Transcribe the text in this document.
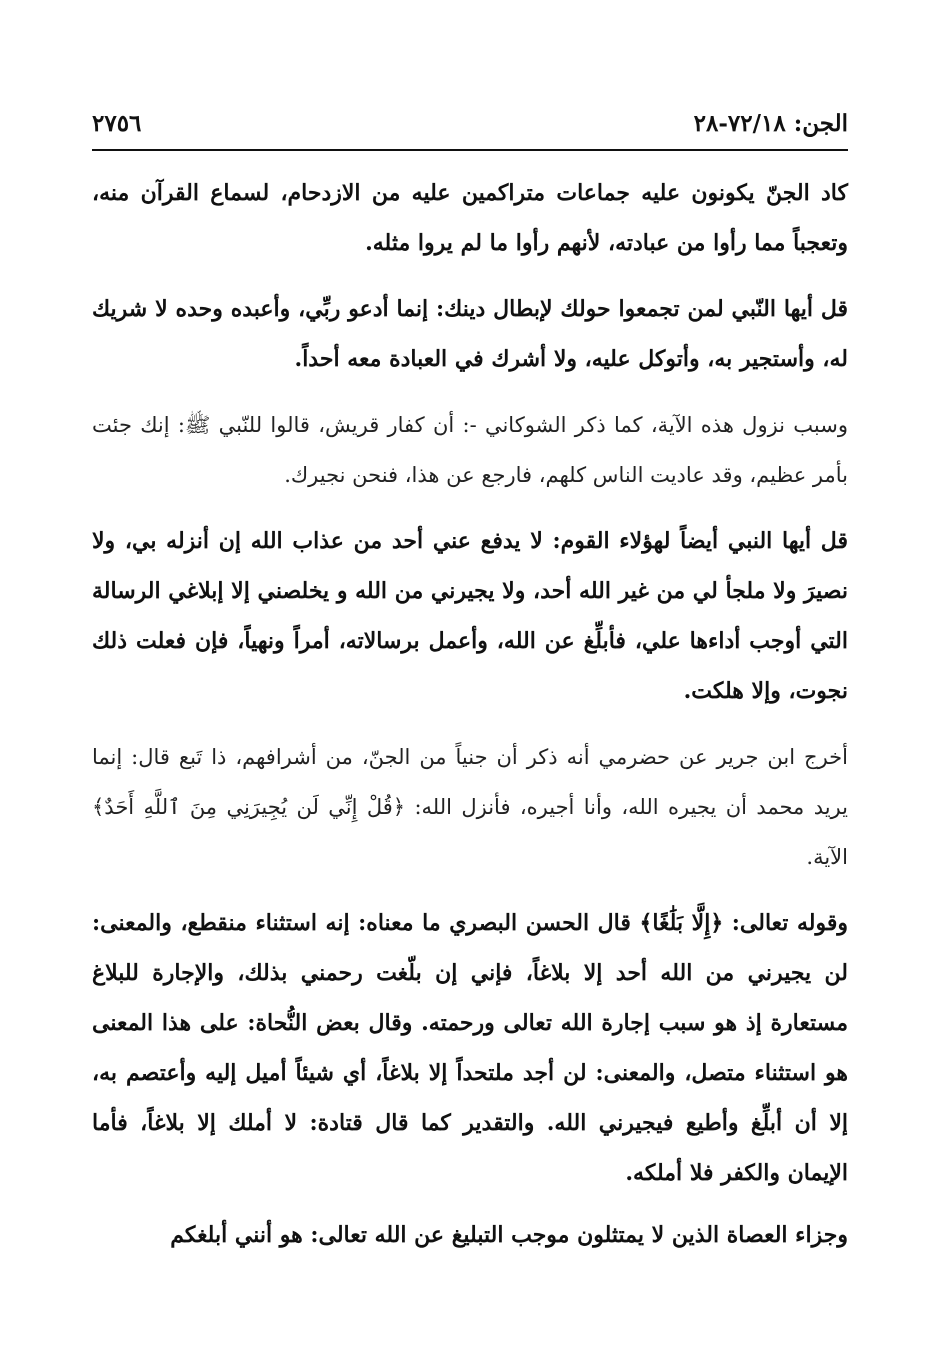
الجن: ٧٢/١٨-٢٨
٢٧٥٦

كاد الجنّ يكونون عليه جماعات متراكمين عليه من الازدحام، لسماع القرآن منه، وتعجباً مما رأوا من عبادته، لأنهم رأوا ما لم يروا مثله.

قل أيها النّبي لمن تجمعوا حولك لإبطال دينك: إنما أدعو ربِّي، وأعبده وحده لا شريك له، وأستجير به، وأتوكل عليه، ولا أشرك في العبادة معه أحداً.

وسبب نزول هذه الآية، كما ذكر الشوكاني -: أن كفار قريش، قالوا للنّبي ﷺ: إنك جئت بأمر عظيم، وقد عاديت الناس كلهم، فارجع عن هذا، فنحن نجيرك.

قل أيها النبي أيضاً لهؤلاء القوم: لا يدفع عني أحد من عذاب الله إن أنزله بي، ولا نصيرَ ولا ملجأ لي من غير الله أحد، ولا يجيرني من الله و يخلصني إلا إبلاغي الرسالة التي أوجب أداءها علي، فأبلِّغ عن الله، وأعمل برسالاته، أمراً ونهياً، فإن فعلت ذلك نجوت، وإلا هلكت.

أخرج ابن جرير عن حضرمي أنه ذكر أن جنياً من الجنّ، من أشرافهم، ذا تَبع قال: إنما يريد محمد أن يجيره الله، وأنا أجيره، فأنزل الله: ﴿قُلْ إِنِّي لَن يُجِيرَنِي مِنَ ٱللَّهِ أَحَدٌ﴾ الآية.

وقوله تعالى: ﴿إِلَّا بَلَٰغًا﴾ قال الحسن البصري ما معناه: إنه استثناء منقطع، والمعنى: لن يجيرني من الله أحد إلا بلاغاً، فإني إن بلّغت رحمني بذلك، والإجارة للبلاغ مستعارة إذ هو سبب إجارة الله تعالى ورحمته. وقال بعض النُّحاة: على هذا المعنى هو استثناء متصل، والمعنى: لن أجد ملتحداً إلا بلاغاً، أي شيئاً أميل إليه وأعتصم به، إلا أن أبلِّغ وأطيع فيجيرني الله. والتقدير كما قال قتادة: لا أملك إلا بلاغاً، فأما الإيمان والكفر فلا أملكه.

وجزاء العصاة الذين لا يمتثلون موجب التبليغ عن الله تعالى: هو أنني أبلغكم
